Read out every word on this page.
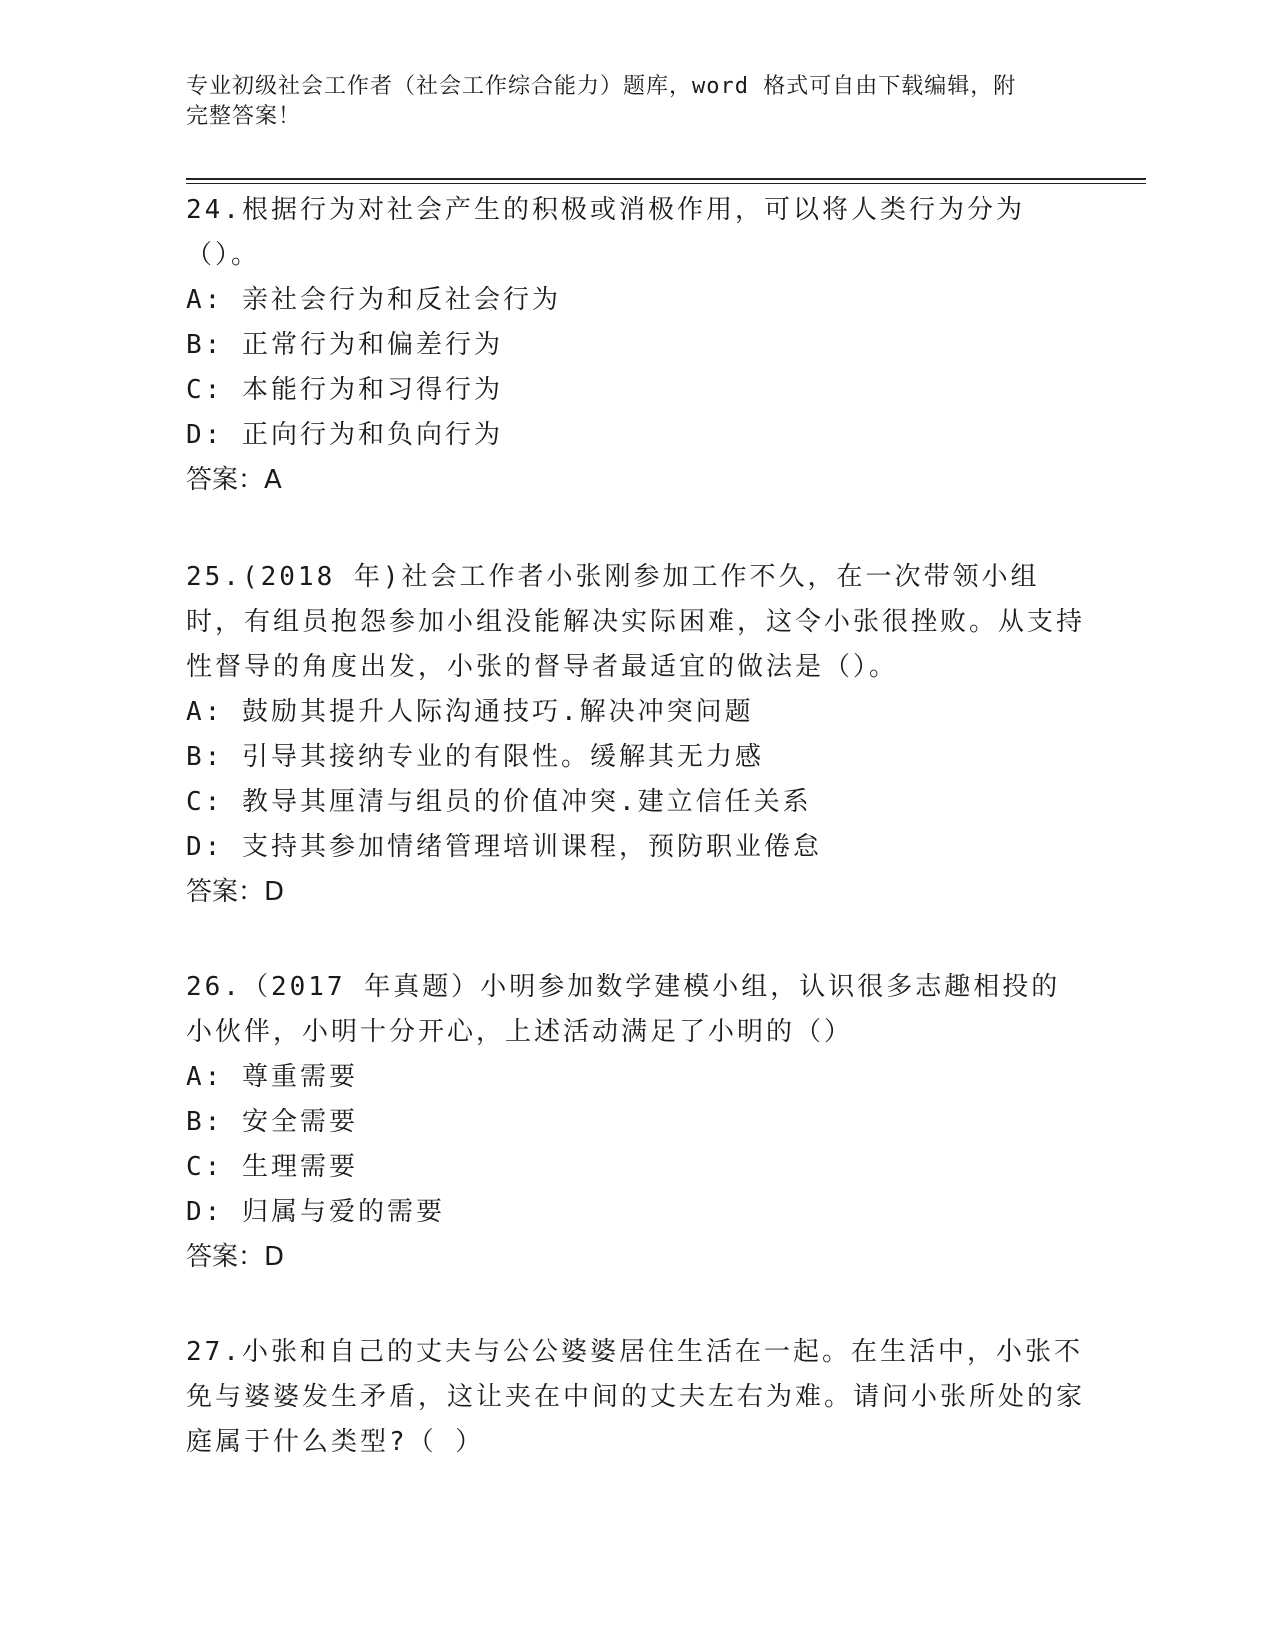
专业初级社会工作者（社会工作综合能力）题库，word 格式可自由下载编辑，附
完整答案！

24.根据行为对社会产生的积极或消极作用，可以将人类行为分为（）。

A: 亲社会行为和反社会行为

B: 正常行为和偏差行为

C: 本能行为和习得行为

D: 正向行为和负向行为

答案：A

25.(2018 年)社会工作者小张刚参加工作不久，在一次带领小组时，有组员抱怨参加小组没能解决实际困难，这令小张很挫败。从支持性督导的角度出发，小张的督导者最适宜的做法是（）。

A: 鼓励其提升人际沟通技巧.解决冲突问题

B: 引导其接纳专业的有限性。缓解其无力感

C: 教导其厘清与组员的价值冲突.建立信任关系

D: 支持其参加情绪管理培训课程，预防职业倦怠

答案：D

26.（2017 年真题）小明参加数学建模小组，认识很多志趣相投的小伙伴，小明十分开心，上述活动满足了小明的（）

A: 尊重需要

B: 安全需要

C: 生理需要

D: 归属与爱的需要

答案：D

27.小张和自己的丈夫与公公婆婆居住生活在一起。在生活中，小张不免与婆婆发生矛盾，这让夹在中间的丈夫左右为难。请问小张所处的家庭属于什么类型?（ ）
